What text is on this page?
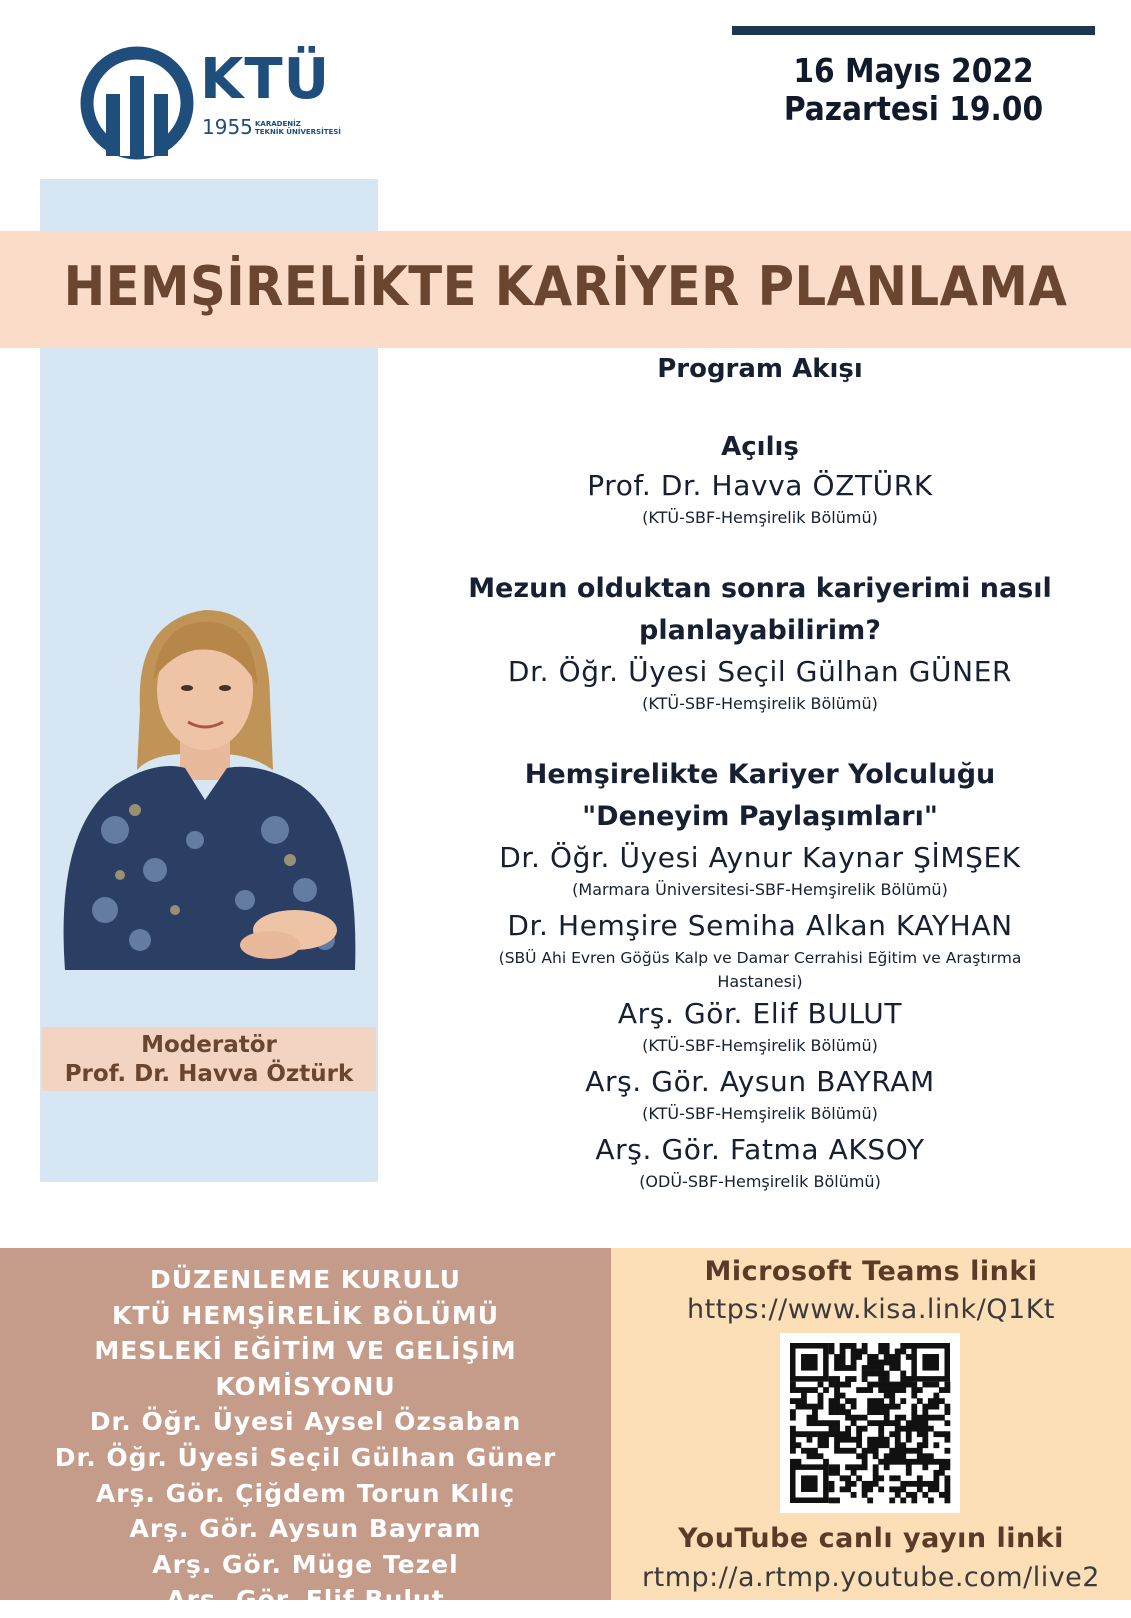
KTÜ
1955 KARADENİZ
TEKNİK ÜNİVERSİTESİ
16 Mayıs 2022
Pazartesi 19.00
HEMŞİRELİKTE KARİYER PLANLAMA
Moderatör
Prof. Dr. Havva Öztürk
Program Akışı
Açılış
Prof. Dr. Havva ÖZTÜRK
(KTÜ-SBF-Hemşirelik Bölümü)
Mezun olduktan sonra kariyerimi nasıl
planlayabilirim?
Dr. Öğr. Üyesi Seçil Gülhan GÜNER
(KTÜ-SBF-Hemşirelik Bölümü)
Hemşirelikte Kariyer Yolculuğu
"Deneyim Paylaşımları"
Dr. Öğr. Üyesi Aynur Kaynar ŞİMŞEK
(Marmara Üniversitesi-SBF-Hemşirelik Bölümü)
Dr. Hemşire Semiha Alkan KAYHAN
(SBÜ Ahi Evren Göğüs Kalp ve Damar Cerrahisi Eğitim ve Araştırma
Hastanesi)
Arş. Gör. Elif BULUT
(KTÜ-SBF-Hemşirelik Bölümü)
Arş. Gör. Aysun BAYRAM
(KTÜ-SBF-Hemşirelik Bölümü)
Arş. Gör. Fatma AKSOY
(ODÜ-SBF-Hemşirelik Bölümü)
DÜZENLEME KURULU
KTÜ HEMŞİRELİK BÖLÜMÜ
MESLEKİ EĞİTİM VE GELİŞİM KOMİSYONU
Dr. Öğr. Üyesi Aysel Özsaban
Dr. Öğr. Üyesi Seçil Gülhan Güner
Arş. Gör. Çiğdem Torun Kılıç
Arş. Gör. Aysun Bayram
Arş. Gör. Müge Tezel
Arş. Gör. Elif Bulut
Microsoft Teams linki
https://www.kisa.link/Q1Kt
YouTube canlı yayın linki
rtmp://a.rtmp.youtube.com/live2
